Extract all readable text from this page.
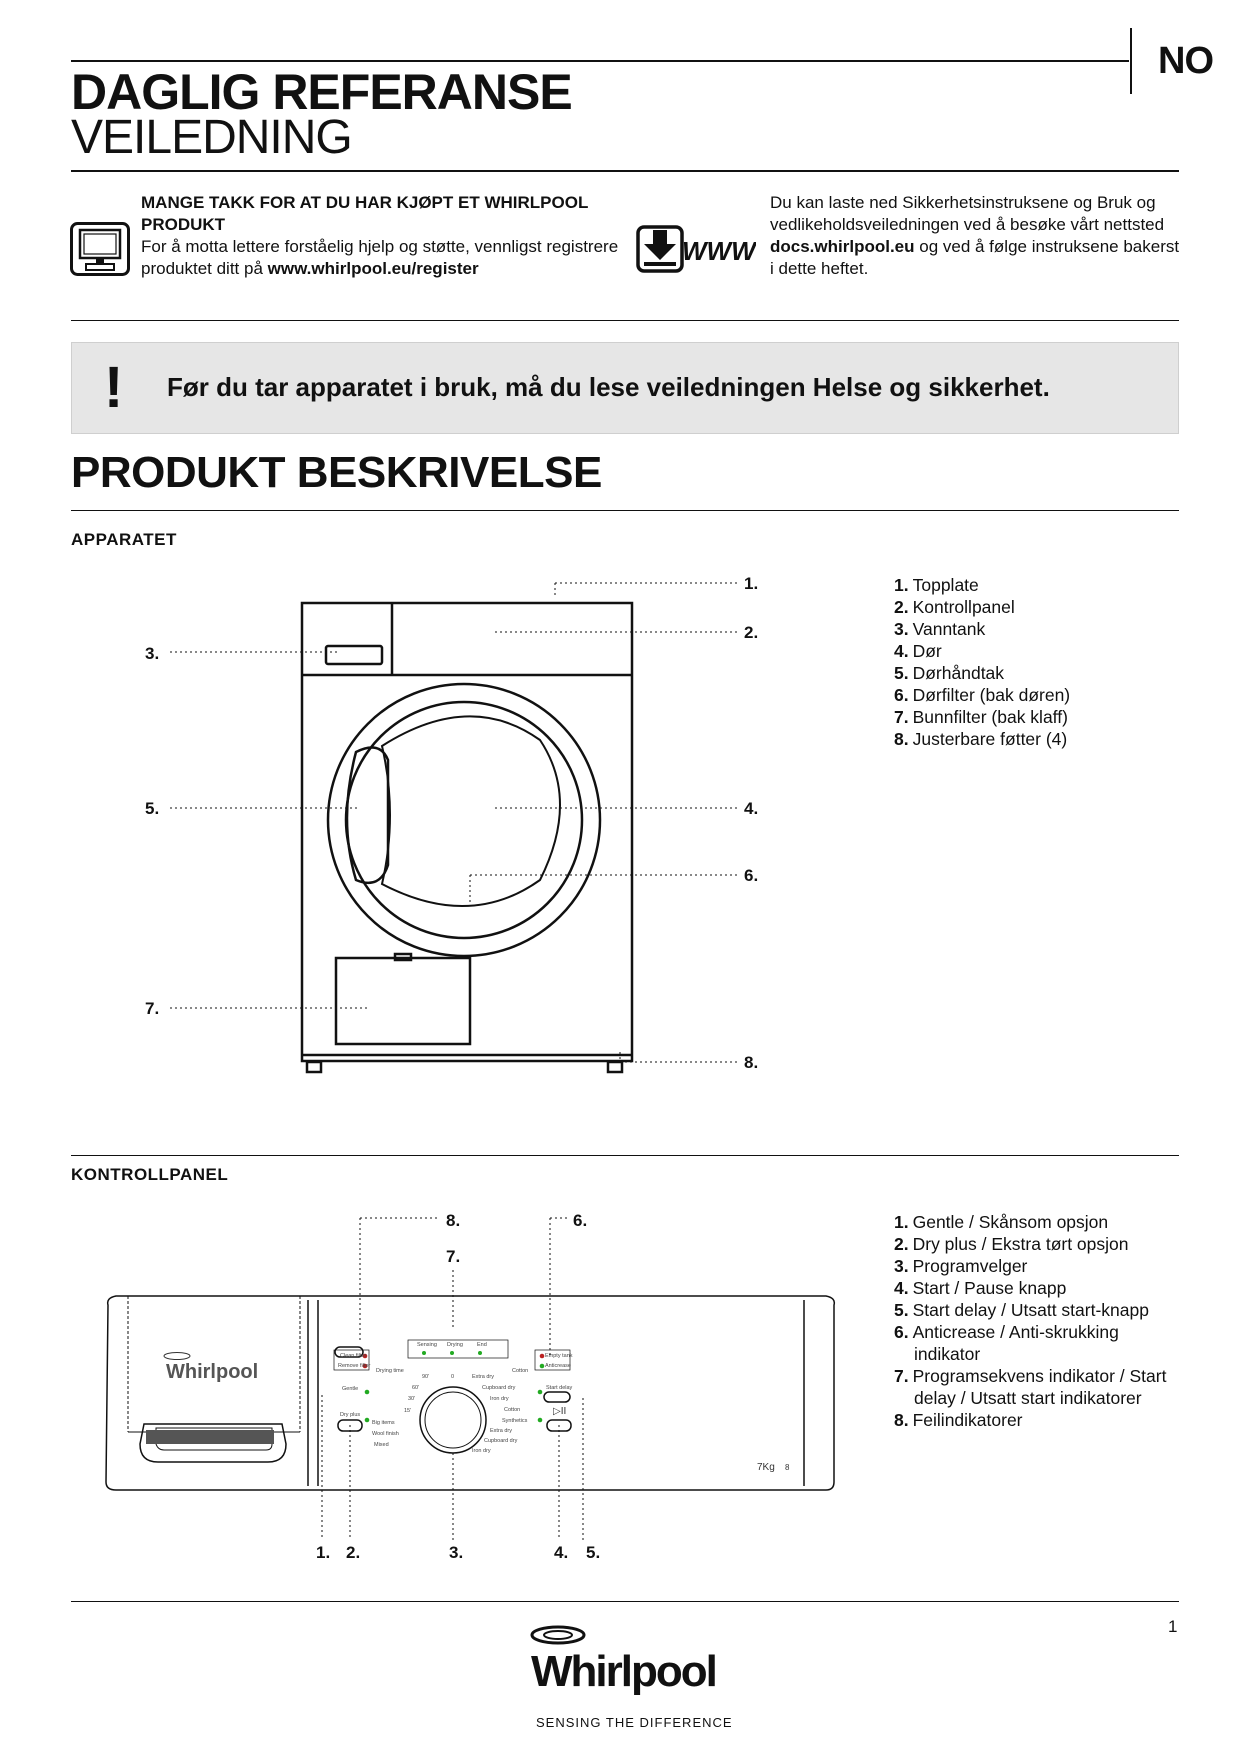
NO
DAGLIG REFERANSE
VEILEDNING
MANGE TAKK FOR AT DU HAR KJØPT ET WHIRLPOOL PRODUKT
For å motta lettere forståelig hjelp og støtte, vennligst registrere produktet ditt på www.whirlpool.eu/register
WWW
Du kan laste ned Sikkerhetsinstruksene og Bruk og vedlikeholdsveiledningen ved å besøke vårt nettsted docs.whirlpool.eu og ved å følge instruksene bakerst i dette heftet.
! Før du tar apparatet i bruk, må du lese veiledningen Helse og sikkerhet.
PRODUKT BESKRIVELSE
APPARATET
1.
2.
3.
4.
5.
6.
7.
8.
1. Topplate
2. Kontrollpanel
3. Vanntank
4. Dør
5. Dørhåndtak
6. Dørfilter (bak døren)
7. Bunnfilter (bak klaff)
8. Justerbare føtter (4)
KONTROLLPANEL
Clean filter
Remove filter
Empty tank
Anticrease
Sensing Drying	End
Gentle
Dry plus
Start delay
0
Drying time
90'
60'
30'
15'
Big items
Wool finish
Mixed
Cotton
Extra dry
Cupboard dry
Iron dry
Cotton
Synthetics
Extra dry
Cupboard dry
Iron dry
7Kg 8
▷II
Whirlpool
8.	6.
7.
1. 2.	3.	4. 5.
1. Gentle / Skånsom opsjon
2. Dry plus / Ekstra tørt opsjon
3. Programvelger
4. Start / Pause knapp
5. Start delay / Utsatt start-knapp
6. Anticrease / Anti-skrukking
indikator
7. Programsekvens indikator / Start
delay / Utsatt start indikatorer
8. Feilindikatorer
1
Whirlpool
SENSING THE DIFFERENCE
